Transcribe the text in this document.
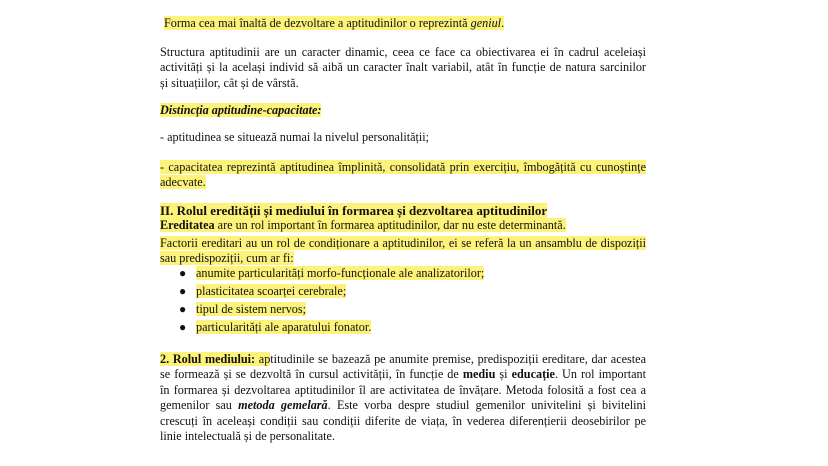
Forma cea mai înaltă de dezvoltare a aptitudinilor o reprezintă geniul.

Structura aptitudinii are un caracter dinamic, ceea ce face ca obiectivarea ei în cadrul aceleiași
activități și la același individ să aibă un caracter înalt variabil, atât în funcție de natura sarcinilor
și situațiilor, cât și de vârstă.

Distincția aptitudine-capacitate:

- aptitudinea se situează numai la nivelul personalității;

- capacitatea reprezintă aptitudinea împlinită, consolidată prin exercițiu, îmbogățită cu cunoștințe
adecvate.

II. Rolul eredității și mediului în formarea și dezvoltarea aptitudinilor

Ereditatea are un rol important în formarea aptitudinilor, dar nu este determinantă.

Factorii ereditari au un rol de condiționare a aptitudinilor, ei se referă la un ansamblu de dispoziții
sau predispoziții, cum ar fi:
● anumite particularități morfo-funcționale ale analizatorilor;
● plasticitatea scoarței cerebrale;
● tipul de sistem nervos;
● particularități ale aparatului fonator.
2. Rolul mediului: aptitudinile se bazează pe anumite premise, predispoziții ereditare, dar acestea
se formează și se dezvoltă în cursul activității, în funcție de mediu și educație. Un rol important
în formarea și dezvoltarea aptitudinilor îl are activitatea de învățare. Metoda folosită a fost cea a
gemenilor sau metoda gemelară. Este vorba despre studiul gemenilor univitelini și bivitelini
crescuți în aceleași condiții sau condiții diferite de viața, în vederea diferențierii deosebirilor pe
linie intelectuală și de personalitate.
